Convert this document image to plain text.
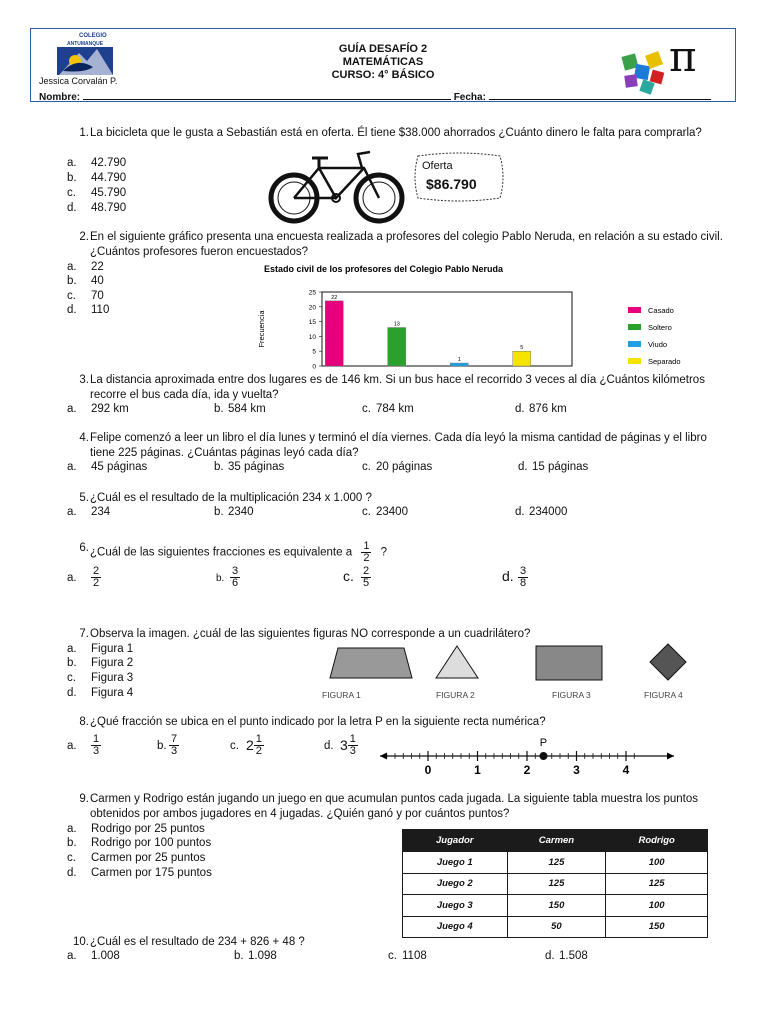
COLEGIO
ANTUMANQUE
Jessica Corvalán P.
GUÍA DESAFÍO 2
MATEMÁTICAS
CURSO: 4° BÁSICO	π
Nombre:	Fecha:
1. La bicicleta que le gusta a Sebastián está en oferta. Él tiene $38.000 ahorrados ¿Cuánto dinero le falta para comprarla?
a. 42.790
b. 44.790
c. 45.790
d. 48.790
Oferta
$86.790
2. En el siguiente gráfico presenta una encuesta realizada a profesores del colegio Pablo Neruda, en relación a su estado civil. ¿Cuántos profesores fueron encuestados?
a. 22
b. 40
c. 70
d. 110
Estado civil de los profesores del Colegio Pablo Neruda
Frecuencia
0
5
10
15
20
25
22
13
1
5
Casado
Soltero
Viudo
Separado
3. La distancia aproximada entre dos lugares es de 146 km. Si un bus hace el recorrido 3 veces al día ¿Cuántos kilómetros recorre el bus cada día, ida y vuelta?
a. 292 km	b. 584 km	c. 784 km	d. 876 km
4. Felipe comenzó a leer un libro el día lunes y terminó el día viernes. Cada día leyó la misma cantidad de páginas y el libro tiene 225 páginas. ¿Cuántas páginas leyó cada día?
a. 45 páginas	b. 35 páginas	c. 20 páginas	d. 15 páginas
5. ¿Cuál es el resultado de la multiplicación 234 x 1.000 ?
a. 234	b. 2340	c. 23400	d. 234000
6. ¿Cuál de las siguientes fracciones es equivalente a $\frac{1}{2}$ ?
a. $\frac{2}{2}$	b. $\frac{3}{6}$	c. $\frac{2}{5}$	d. $\frac{3}{8}$
7. Observa la imagen. ¿cuál de las siguientes figuras NO corresponde a un cuadrilátero?
a. Figura 1
b. Figura 2
c. Figura 3
d. Figura 4	FIGURA 1	FIGURA 2	FIGURA 3	FIGURA 4
8. ¿Qué fracción se ubica en el punto indicado por la letra P en la siguiente recta numérica?
a. $\frac{1}{3}$	b. $\frac{7}{3}$	c. $2 \frac{1}{2}$	d. $3 \frac{1}{3}$
0	1	2	3	4
P
9. Carmen y Rodrigo están jugando un juego en que acumulan puntos cada jugada. La siguiente tabla muestra los puntos obtenidos por ambos jugadores en 4 jugadas. ¿Quién ganó y por cuántos puntos?
a. Rodrigo por 25 puntos
b. Rodrigo por 100 puntos
c. Carmen por 25 puntos
d. Carmen por 175 puntos
Jugador	Carmen	Rodrigo
Juego 1	125	100
Juego 2	125	125
Juego 3	150	100
Juego 4	50	150
10. ¿Cuál es el resultado de 234 + 826 + 48 ?
a. 1.008	b. 1.098	c. 1108	d. 1.508
